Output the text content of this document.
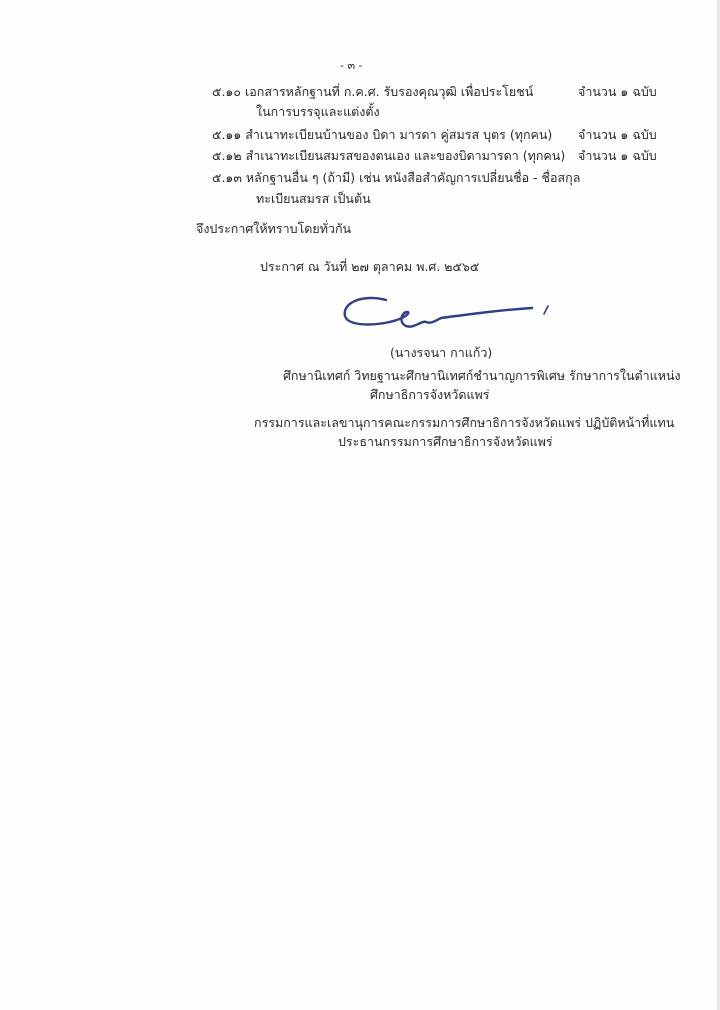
- ๓ -
๕.๑๐ เอกสารหลักฐานที่ ก.ค.ศ. รับรองคุณวุฒิ เพื่อประโยชน์
ในการบรรจุและแต่งตั้ง
จำนวน ๑ ฉบับ
๕.๑๑ สำเนาทะเบียนบ้านของ บิดา มารดา คู่สมรส บุตร (ทุกคน) จำนวน ๑ ฉบับ
๕.๑๒ สำเนาทะเบียนสมรสของตนเอง และของบิดามารดา (ทุกคน) จำนวน ๑ ฉบับ
๕.๑๓ หลักฐานอื่น ๆ (ถ้ามี) เช่น หนังสือสำคัญการเปลี่ยนชื่อ - ชื่อสกุล
ทะเบียนสมรส เป็นต้น
จึงประกาศให้ทราบโดยทั่วกัน
ประกาศ ณ วันที่ ๒๗ ตุลาคม พ.ศ. ๒๕๖๕
(นางรจนา กาแก้ว)
ศึกษานิเทศก์ วิทยฐานะศึกษานิเทศก์ชำนาญการพิเศษ รักษาการในตำแหน่ง
ศึกษาธิการจังหวัดแพร่
กรรมการและเลขานุการคณะกรรมการศึกษาธิการจังหวัดแพร่ ปฏิบัติหน้าที่แทน
ประธานกรรมการศึกษาธิการจังหวัดแพร่
